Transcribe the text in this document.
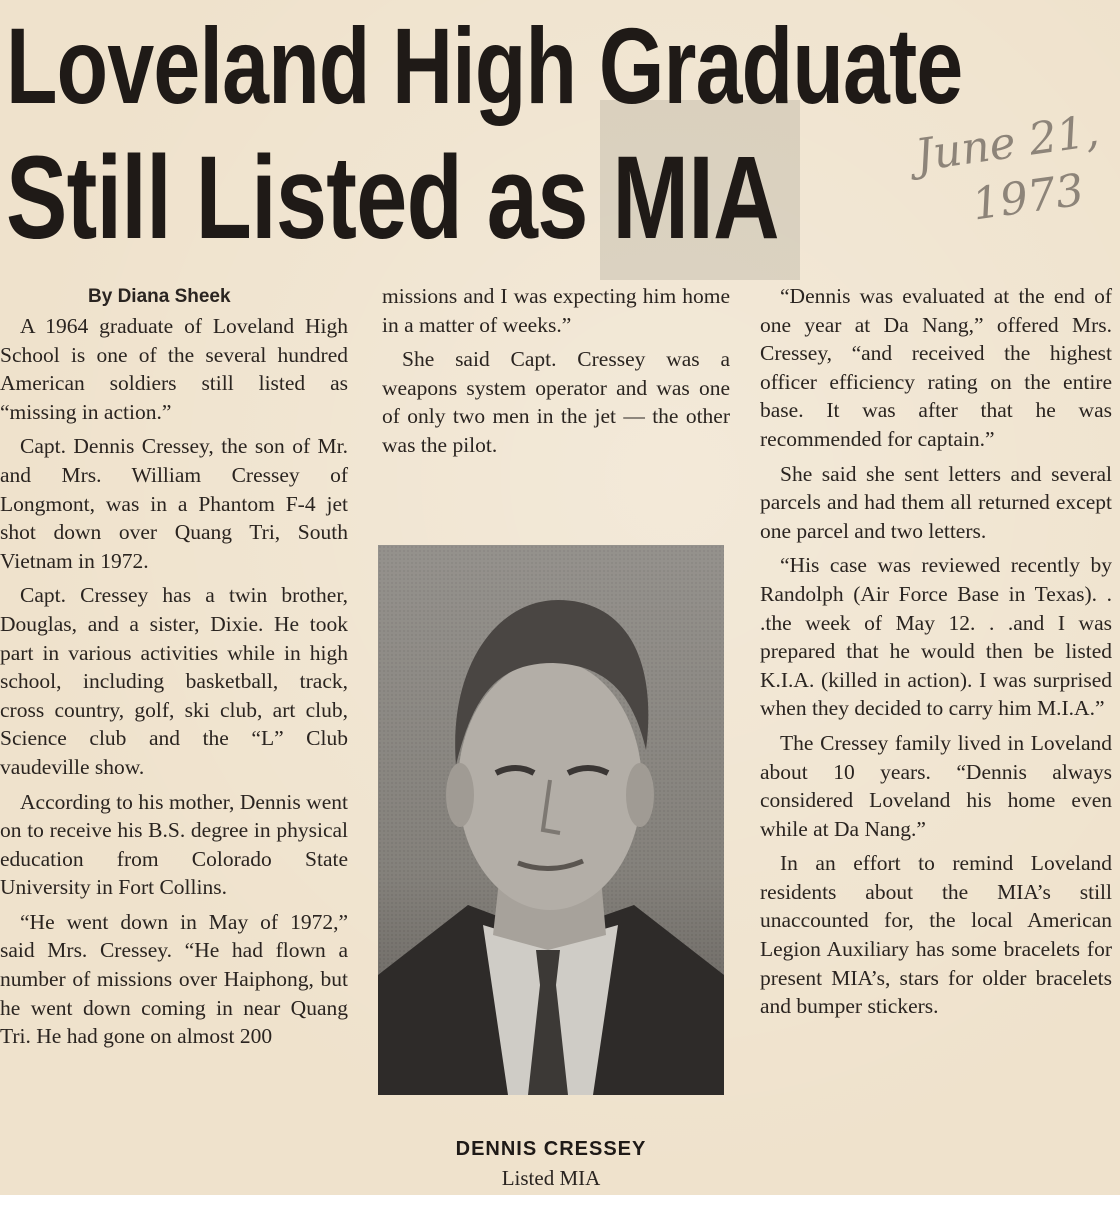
Loveland High Graduate
Still Listed as MIA	June 21,
1973
By Diana Sheek

A 1964 graduate of Loveland High School is one of the several hundred American soldiers still listed as “missing in action.”

Capt. Dennis Cressey, the son of Mr. and Mrs. William Cressey of Longmont, was in a Phantom F-4 jet shot down over Quang Tri, South Vietnam in 1972.

Capt. Cressey has a twin brother, Douglas, and a sister, Dixie. He took part in various activities while in high school, including basketball, track, cross country, golf, ski club, art club, Science club and the “L” Club vaudeville show.

According to his mother, Dennis went on to receive his B.S. degree in physical education from Colorado State University in Fort Collins.

“He went down in May of 1972,” said Mrs. Cressey. “He had flown a number of missions over Haiphong, but he went down coming in near Quang Tri. He had gone on almost 200

missions and I was expecting him home in a matter of weeks.”

She said Capt. Cressey was a weapons system operator and was one of only two men in the jet — the other was the pilot.

“Dennis was evaluated at the end of one year at Da Nang,” offered Mrs. Cressey, “and received the highest officer efficiency rating on the entire base. It was after that he was recommended for captain.”

She said she sent letters and several parcels and had them all returned except one parcel and two letters.

“His case was reviewed recently by Randolph (Air Force Base in Texas). . .the week of May 12. . .and I was prepared that he would then be listed K.I.A. (killed in action). I was surprised when they decided to carry him M.I.A.”

The Cressey family lived in Loveland about 10 years. “Dennis always considered Loveland his home even while at Da Nang.”

In an effort to remind Loveland residents about the MIA’s still unaccounted for, the local American Legion Auxiliary has some bracelets for present MIA’s, stars for older bracelets and bumper stickers.

DENNIS CRESSEY
Listed MIA
